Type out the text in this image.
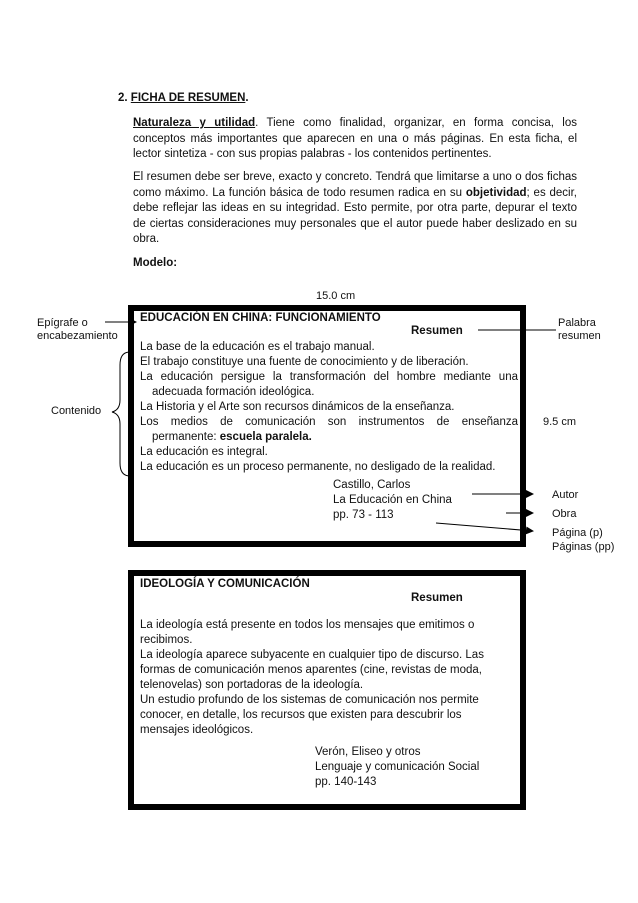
2. FICHA DE RESUMEN.
Naturaleza y utilidad. Tiene como finalidad, organizar, en forma concisa, los conceptos más importantes que aparecen en una o más páginas. En esta ficha, el lector sintetiza - con sus propias palabras - los contenidos pertinentes.
El resumen debe ser breve, exacto y concreto. Tendrá que limitarse a uno o dos fichas como máximo. La función básica de todo resumen radica en su objetividad; es decir, debe reflejar las ideas en su integridad. Esto permite, por otra parte, depurar el texto de ciertas consideraciones muy personales que el autor puede haber deslizado en su obra.
Modelo:
15.0 cm
EDUCACIÓN EN CHINA: FUNCIONAMIENTO
Resumen
La base de la educación es el trabajo manual.
El trabajo constituye una fuente de conocimiento y de liberación.
La educación persigue la transformación del hombre mediante una
adecuada formación ideológica.
La Historia y el Arte son recursos dinámicos de la enseñanza.
Los medios de comunicación son instrumentos de enseñanza
permanente: escuela paralela.
La educación es integral.
La educación es un proceso permanente, no desligado de la realidad.
Castillo, Carlos
La Educación en China
pp. 73 - 113
Epígrafe o
encabezamiento
Contenido
Palabra
resumen
9.5 cm
Autor
Obra
Página (p)
Páginas (pp)
IDEOLOGÍA Y COMUNICACIÓN
Resumen
La ideología está presente en todos los mensajes que emitimos o
recibimos.
La ideología aparece subyacente en cualquier tipo de discurso. Las
formas de comunicación menos aparentes (cine, revistas de moda,
telenovelas) son portadoras de la ideología.
Un estudio profundo de los sistemas de comunicación nos permite
conocer, en detalle, los recursos que existen para descubrir los
mensajes ideológicos.
Verón, Eliseo y otros
Lenguaje y comunicación Social
pp. 140-143
